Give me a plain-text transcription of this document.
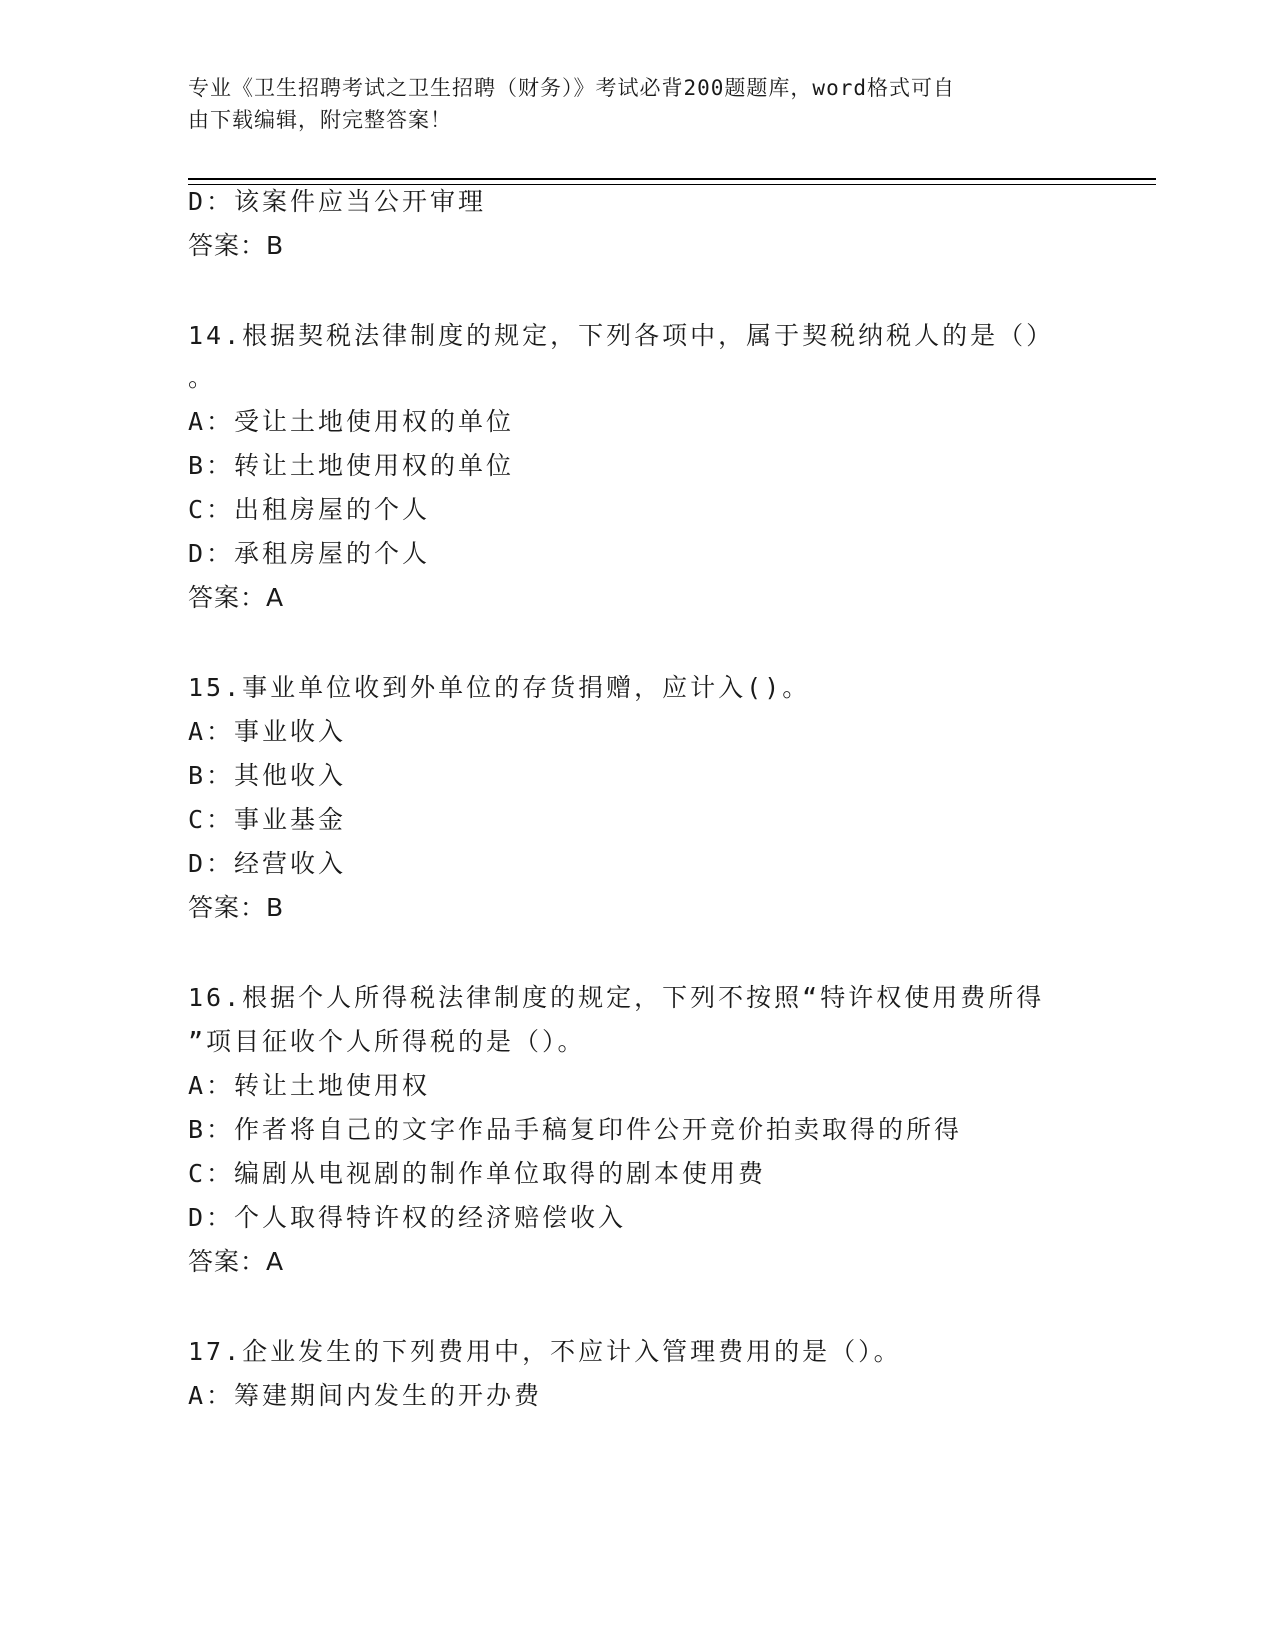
专业《卫生招聘考试之卫生招聘（财务）》考试必背200题题库，word格式可自
由下载编辑，附完整答案！
D：该案件应当公开审理
答案：B
14.根据契税法律制度的规定，下列各项中，属于契税纳税人的是（）
。
A：受让土地使用权的单位
B：转让土地使用权的单位
C：出租房屋的个人
D：承租房屋的个人
答案：A
15.事业单位收到外单位的存货捐赠，应计入()。
A：事业收入
B：其他收入
C：事业基金
D：经营收入
答案：B
16.根据个人所得税法律制度的规定，下列不按照“特许权使用费所得
”项目征收个人所得税的是（）。
A：转让土地使用权
B：作者将自己的文字作品手稿复印件公开竞价拍卖取得的所得
C：编剧从电视剧的制作单位取得的剧本使用费
D：个人取得特许权的经济赔偿收入
答案：A
17.企业发生的下列费用中，不应计入管理费用的是（）。
A：筹建期间内发生的开办费
